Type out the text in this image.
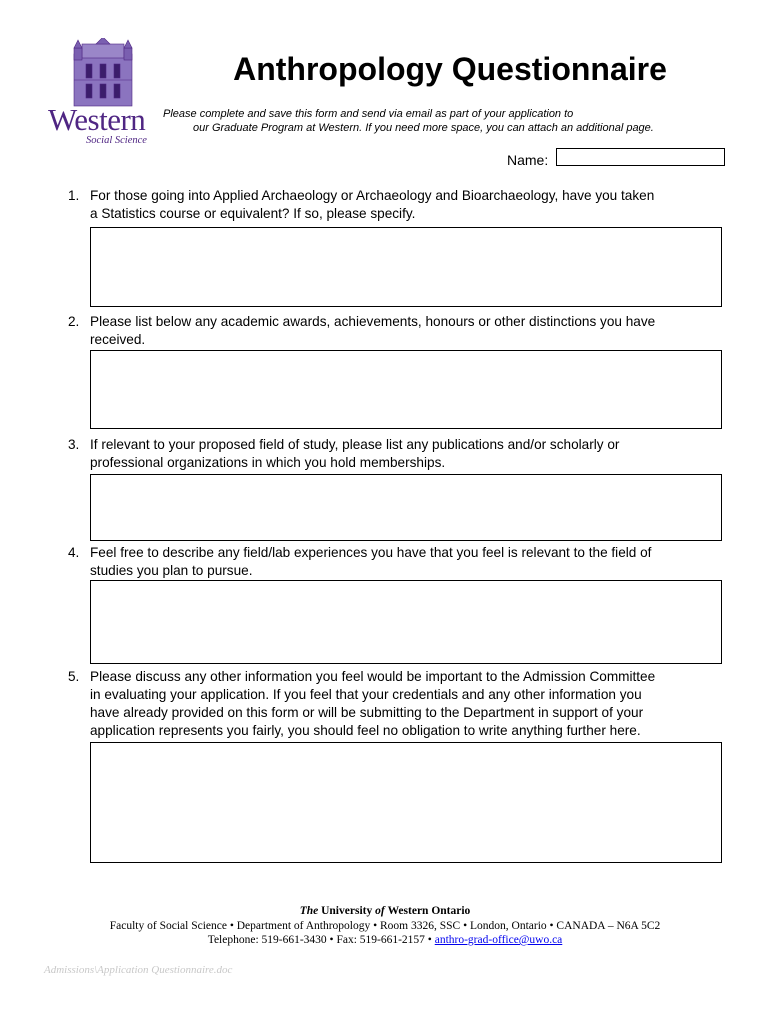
Western
Social Science
Anthropology Questionnaire
Please complete and save this form and send via email as part of your application to
our Graduate Program at Western. If you need more space, you can attach an additional page.
Name:
1. For those going into Applied Archaeology or Archaeology and Bioarchaeology, have you taken
a Statistics course or equivalent? If so, please specify.
2. Please list below any academic awards, achievements, honours or other distinctions you have
received.
3. If relevant to your proposed field of study, please list any publications and/or scholarly or
professional organizations in which you hold memberships.
4. Feel free to describe any field/lab experiences you have that you feel is relevant to the field of
studies you plan to pursue.
5. Please discuss any other information you feel would be important to the Admission Committee
in evaluating your application. If you feel that your credentials and any other information you
have already provided on this form or will be submitting to the Department in support of your
application represents you fairly, you should feel no obligation to write anything further here.
The University of Western Ontario
Faculty of Social Science • Department of Anthropology • Room 3326, SSC • London, Ontario • CANADA – N6A 5C2
Telephone: 519-661-3430 • Fax: 519-661-2157 • anthro-grad-office@uwo.ca
Admissions\Application Questionnaire.doc
